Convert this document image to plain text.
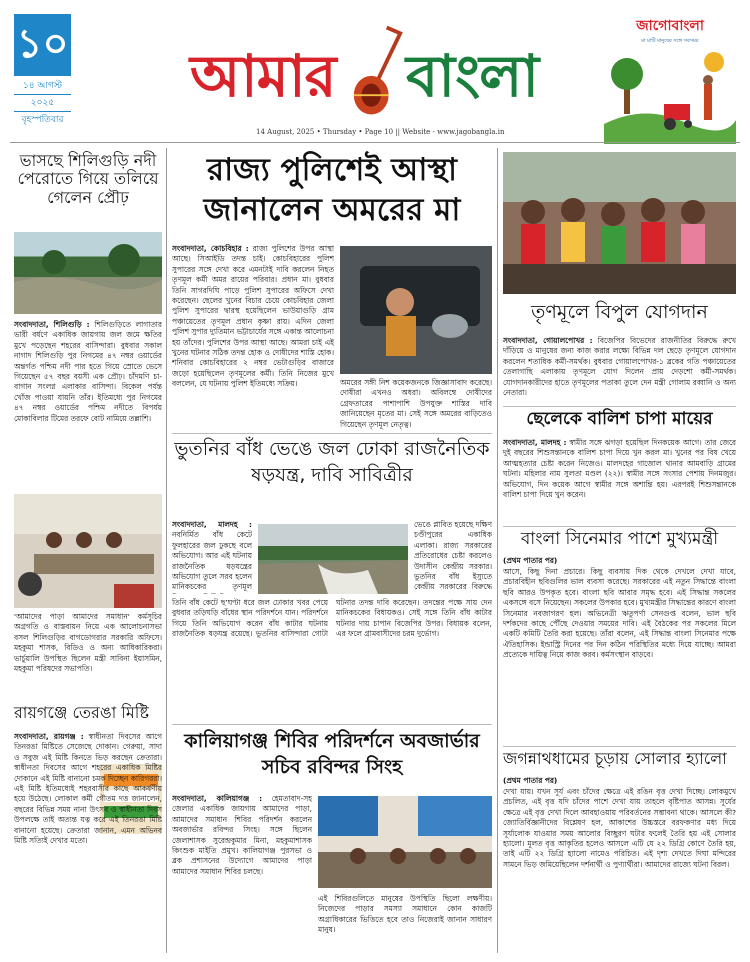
১০
১৪ আগস্ট
২০২৫
বৃহস্পতিবার
আমার বাংলা
14 August, 2025 • Thursday • Page 10 || Website - www.jagobangla.in
জাগোবাংলা
মা মাটি মানুষের সঙ্গে সবসময়
ভাসছে শিলিগুড়ি নদী পেরোতে গিয়ে তলিয়ে গেলেন প্রৌঢ়

সংবাদদাতা, শিলিগুড়ি : শিলিগুড়িতে লাগাতার ভারী বর্ষণে একাধিক জায়গায় জল জমে ক্ষতির মুখে পড়েছেন শহরের বাসিন্দারা। বুধবার সকাল নাগাদ শিলিগুড়ি পুর নিগমের ৪৭ নম্বর ওয়ার্ডের অন্তর্গত পশ্চিম নদী পার হতে গিয়ে স্রোতে ভেসে গিয়েছেন ৫৭ বছর বয়সী এক প্রৌঢ়। চাঁদমণি চা-বাগান সংলগ্ন এলাকার বাসিন্দা। বিকেল পর্যন্ত খোঁজ পাওয়া যায়নি তাঁর। ইতিমধ্যে পুর নিগমের ৪৭ নম্বর ওয়ার্ডের পশ্চিম নদীতে বিপর্যয় মোকাবিলার টিমের তরফে বোট নামিয়ে তল্লাশি।

'আমাদের পাড়া আমাদের সমাধান' কর্মসূচির অগ্রগতি ও বাস্তবায়ন নিয়ে এক আলোচনাসভা বসল শিলিগুড়ির বাগডোগরার সরকারি অফিসে। মহকুমা শাসক, বিডিও ও অন্য আধিকারিকরা। ভার্চুয়ালি উপস্থিত ছিলেন মন্ত্রী সাবিনা ইয়াসমিন, মহকুমা পরিষদের সভাপতি।

রায়গঞ্জে তেরঙা মিষ্টি

সংবাদদাতা, রায়গঞ্জ : স্বাধীনতা দিবসের আগে তিনরঙা মিষ্টিতে সেজেছে দোকান। গেরুয়া, সাদা ও সবুজ এই মিষ্টি কিনতে ভিড় করছেন ক্রেতারা। স্বাধীনতা দিবসের আগে শহরের একাধিক মিষ্টির দোকানে এই মিষ্টি বানানো চমক দিচ্ছেন কারিগররা। এই মিষ্টি ইতিমধ্যেই শহরবাসীর কাছে আকর্ষণীয় হয়ে উঠেছে। লোকাল কর্মী গৌতম দত্ত জানালেন, বছরের বিভিন্ন সময় নানা উৎসব ও স্বাধীনতা দিবস উপলক্ষে তাই অত্যন্ত যত্ন করে এই তিনরঙা মিষ্টি বানানো হয়েছে। ক্রেতারা জানান, এমন অভিনব মিষ্টি সত্যিই দেখার মতো।

রাজ্য পুলিশেই আস্থা জানালেন অমরের মা

সংবাদদাতা, কোচবিহার : রাজ্য পুলিশের উপর আস্থা আছে। সিআইডি তদন্ত চাই। কোচবিহারের পুলিশ সুপারের সঙ্গে দেখা করে এমনটাই দাবি করলেন নিহত তৃণমূল কর্মী অমর রায়ের পরিবার। প্রধান মা। বুধবার তিনি সাগরদিঘি পাড়ে পুলিশ সুপারের অফিসে দেখা করেছেন। ছেলের খুনের বিচার চেয়ে কোচবিহার জেলা পুলিশ সুপারের দ্বারস্থ হয়েছিলেন ভাউয়াগুড়ি গ্রাম পঞ্চায়েতের তৃণমূল প্রধান কৃষ্ণা রায়। এদিন জেলা পুলিশ সুপার দ্যুতিমান ভট্টাচার্যের সঙ্গে একান্ত আলোচনা হয় তাঁদের। পুলিশের উপর আস্থা আছে। আমরা চাই এই খুনের ঘটনার সঠিক তদন্ত হোক ও দোষীদের শাস্তি হোক। শনিবার কোচবিহারের ২ নম্বর ভেটাগুড়ির বাজারে জড়ো হয়েছিলেন তৃণমূলের কর্মী। তিনি নিজের মুখে বললেন, যে ঘটনায় পুলিশ ইতিমধ্যে সক্রিয়।	অমরের সঙ্গী নিশ কয়েকজনকে জিজ্ঞাসাবাদ করেছে। দোষীরা এখনও অধরা। অবিলম্বে দোষীদের গ্রেফতারের পাশাপাশি উপযুক্ত শাস্তির দাবি জানিয়েছেন মৃতের মা। সেই সঙ্গে অমরের বাড়িতেও গিয়েছেন তৃণমূল নেতৃত্ব।

ভুতনির বাঁধ ভেঙে জল ঢোকা রাজনৈতিক ষড়যন্ত্র, দাবি সাবিত্রীর

সংবাদদাতা, মালদহ : নবনির্মিত বাঁধ কেটে ফুলহারের জল ঢুকছে বলে অভিযোগ। আর এই ঘটনায় রাজনৈতিক ষড়যন্ত্রের অভিযোগ তুলে সরব হলেন মানিকচকের তৃণমূল

ভেঙে প্লাবিত হয়েছে দক্ষিণ চণ্ডীপুরের একাধিক এলাকা। রাজ্য সরকারের প্রতিরোধের চেষ্টা করলেও উদাসীন কেন্দ্রীয় সরকার। ভুতনির বাঁধ ইস্যুতে কেন্দ্রীয় সরকারের বিরুদ্ধে

তিনি বাঁধ কেটে ছ’ঘণ্টা ধরে জল ঢোকার খবর পেয়ে বুধবার তড়িঘড়ি বাঁধের স্থান পরিদর্শনে যান। পরিদর্শনে গিয়ে তিনি অভিযোগ করেন বাঁধ কাটার ঘটনায় রাজনৈতিক ষড়যন্ত্র রয়েছে। ভুতনির বাসিন্দারা গোটা ঘটনার তদন্ত দাবি করেছেন। তদন্তের পক্ষে সায় দেন মানিকচকের বিধায়কও। সেই সঙ্গে তিনি বাঁধ কাটার ঘটনার দায় চাপান বিজেপির উপর। বিধায়ক বলেন, এর ফলে গ্রামবাসীদের চরম দুর্ভোগ।

কালিয়াগঞ্জ শিবির পরিদর্শনে অবজার্ভার সচিব রবিন্দর সিংহ

সংবাদদাতা, কালিয়াগঞ্জ : হেমতাবাদ-সহ জেলার একাধিক জায়গায় আমাদের পাড়া, আমাদের সমাধান শিবির পরিদর্শন করলেন অবজার্ভার রবিন্দর সিংহ। সঙ্গে ছিলেন জেলাশাসক সুরেন্দ্রকুমার মিনা, মহকুমাশাসক কিংশুক মাইতি প্রমুখ। কালিয়াগঞ্জ পুরসভা ও ব্লক প্রশাসনের উদ্যোগে আমাদের পাড়া আমাদের সমাধান শিবির চলছে।

এই শিবিরগুলিতে মানুষের উপস্থিতি ছিলো লক্ষণীয়। নিজেদের পাড়ার সমস্যা সমাধানে কোন কাজটি অগ্রাধিকারের ভিত্তিতে হবে তাও নিজেরাই জানান সাধারণ মানুষ।

তৃণমূলে বিপুল যোগদান

সংবাদদাতা, গোয়ালপোখর : বিজেপির বিভেদের রাজনীতির বিরুদ্ধে রুখে দাঁড়িয়ে ও মানুষের জন্য কাজ করার লক্ষ্যে বিভিন্ন দল ছেড়ে তৃণমূলে যোগদান করলেন শতাধিক কর্মী-সমর্থক। বুধবার গোয়ালপোখর-১ ব্লকের গতি পঞ্চায়েতের তেলাগাছি এলাকায় তৃণমূলে যোগ দিলেন প্রায় দেড়শো কর্মী-সমর্থক। যোগদানকারীদের হাতে তৃণমূলের পতাকা তুলে দেন মন্ত্রী গোলাম রব্বানি ও অন্য নেতারা।

ছেলেকে বালিশ চাপা মায়ের

সংবাদদাতা, মালদহ : স্বামীর সঙ্গে ঝগড়া হয়েছিল দিনকয়েক আগে। তার জেরে দুই বছরের শিশুসন্তানকে বালিশ চাপা দিয়ে খুন করল মা। খুনের পর বিষ খেয়ে আত্মহত্যার চেষ্টা করেন নিজেও। মালদহের গাজোল থানার আমবাড়ি গ্রামের ঘটনা। মহিলার নাম সুলতা মণ্ডল (২২)। স্বামীর সঙ্গে সংসার পেশায় দিনমজুর। অভিযোগ, দিন কয়েক আগে স্বামীর সঙ্গে অশান্তি হয়। এরপরই শিশুসন্তানকে বালিশ চাপা দিয়ে খুন করেন।

বাংলা সিনেমার পাশে মুখ্যমন্ত্রী
(প্রথম পাতার পর)

আসে, কিছু দিনা প্রচারে। কিছু ব্যবসায় দিক থেকে দেখলে দেখা যাবে, প্রচারবিহীন ছবিগুলির ভাল ব্যবসা করেছে। সরকারের এই নতুন সিদ্ধান্তে বাংলা ছবি আরও উপকৃত হবে। বাংলা ছবি আবার সমৃদ্ধ হবে। এই সিদ্ধান্ত সকলের একসঙ্গে বসে নিয়েছেন। সকলের উপকার হবে। মুখ্যমন্ত্রীর সিদ্ধান্তের কারণে বাংলা সিনেমার নবজাগরণ হল। অভিনেত্রী ঋতুপর্ণা সেনগুপ্ত বলেন, ভাল ছবি দর্শকদের কাছে পৌঁছে দেওয়ার সময়ের দাবি। এই বৈঠকের পর সকলের মিলে একটি কমিটি তৈরি করা হয়েছে। তাঁরা বলেন, এই সিদ্ধান্ত বাংলা সিনেমার পক্ষে ঐতিহাসিক। ইন্ডাস্ট্রি দিনের পর দিন কঠিন পরিস্থিতির মধ্যে দিয়ে যাচ্ছে। আমরা প্রত্যেকে দায়িত্ব নিয়ে কাজ করব। কর্মসংস্থান বাড়বে।

জগন্নাথধামের চূড়ায় সোলার হ্যালো
(প্রথম পাতার পর)

দেখা যায়। যখন সূর্য এবং চাঁদের ক্ষেত্রে এই রঙিন বৃত্ত দেখা দিচ্ছে। লোকমুখে প্রচলিত, এই বৃত্ত যদি চাঁদের পাশে দেখা যায় তাহলে বৃষ্টিপাত আসন্ন। সূর্যের ক্ষেত্রে এই বৃত্ত দেখা দিলে আবহাওয়ায় পরিবর্তনের সম্ভাবনা থাকে। আসলে কী? জ্যোতির্বিজ্ঞানীদের বিশ্লেষণ হল, আকাশের উচ্চস্তরে বরফকণার মধ্য দিয়ে সূর্যালোক যাওয়ার সময় আলোর বিচ্ছুরণ ঘটার ফলেই তৈরি হয় এই সোলার হ্যালো। মূলত বৃত্ত আকৃতির হলেও আসলে এটি যে ২২ ডিগ্রি কোণে তৈরি হয়, তাই এটি ২২ ডিগ্রি হ্যালো নামেও পরিচিত। এই দৃশ্য দেখতে দিঘা মন্দিরের সামনে ভিড় জমিয়েছিলেন দর্শনার্থী ও পুণ্যার্থীরা। আমাদের রাজ্যে ঘটনা বিরল।
